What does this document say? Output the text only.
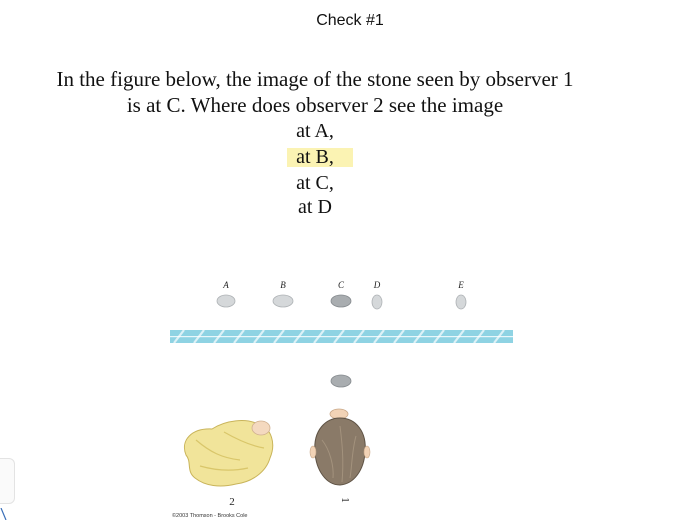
Check #1
In the figure below, the image of the stone seen by observer 1
is at C. Where does observer 2 see the image
at A,
at B,
at C,
at D
A	B	C	D	E
2	1
©2003 Thomson - Brooks Cole
